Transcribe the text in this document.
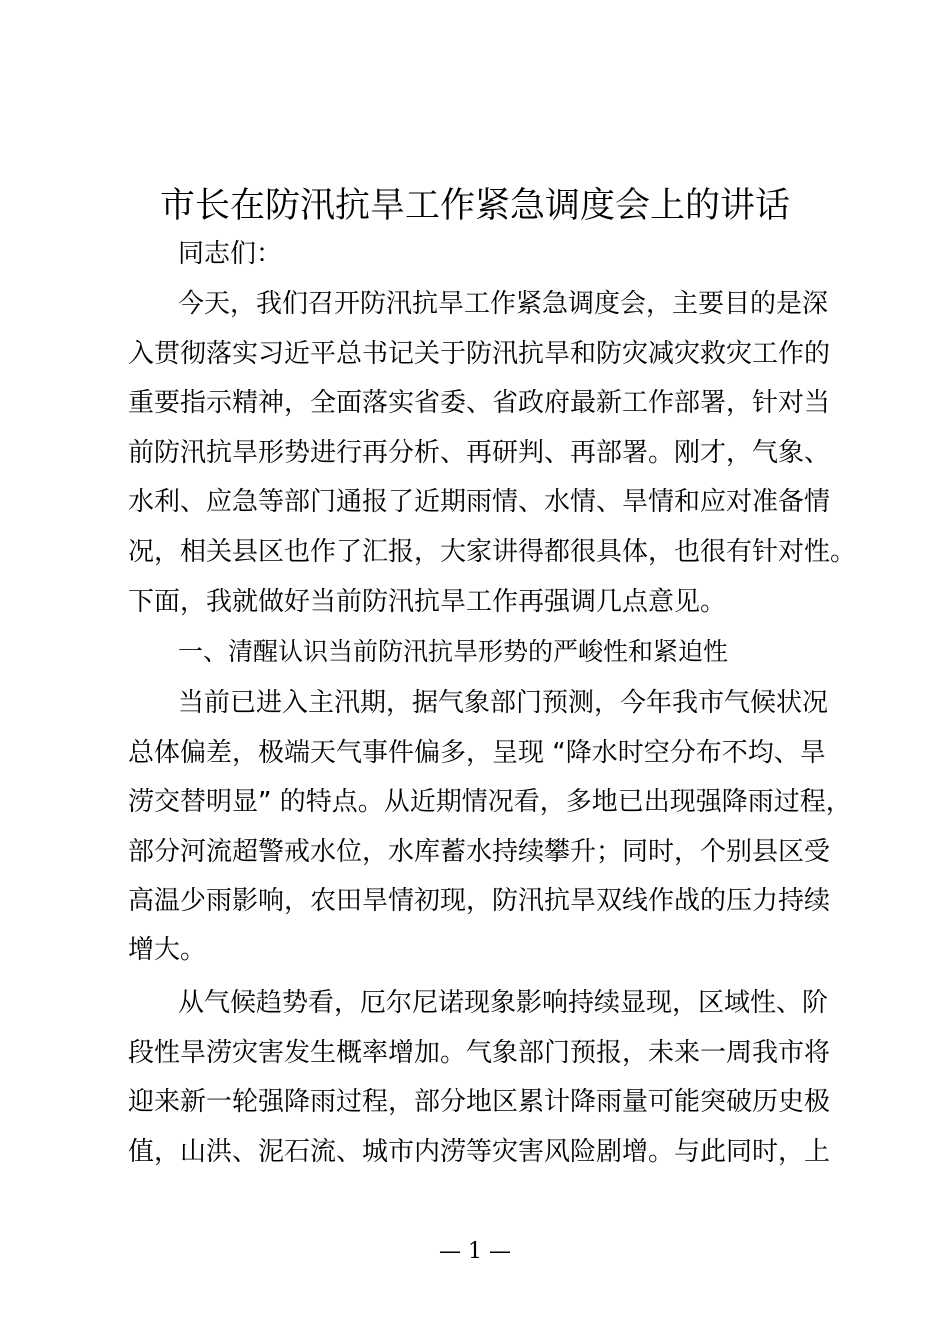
市长在防汛抗旱工作紧急调度会上的讲话
同志们：
今天，我们召开防汛抗旱工作紧急调度会，主要目的是深
入贯彻落实习近平总书记关于防汛抗旱和防灾减灾救灾工作的
重要指示精神，全面落实省委、省政府最新工作部署，针对当
前防汛抗旱形势进行再分析、再研判、再部署。刚才，气象、
水利、应急等部门通报了近期雨情、水情、旱情和应对准备情
况，相关县区也作了汇报，大家讲得都很具体，也很有针对性。
下面，我就做好当前防汛抗旱工作再强调几点意见。
一、清醒认识当前防汛抗旱形势的严峻性和紧迫性
当前已进入主汛期，据气象部门预测，今年我市气候状况
总体偏差，极端天气事件偏多，呈现 “降水时空分布不均、旱
涝交替明显” 的特点。从近期情况看，多地已出现强降雨过程，
部分河流超警戒水位，水库蓄水持续攀升；同时，个别县区受
高温少雨影响，农田旱情初现，防汛抗旱双线作战的压力持续
增大。
从气候趋势看，厄尔尼诺现象影响持续显现，区域性、阶
段性旱涝灾害发生概率增加。气象部门预报，未来一周我市将
迎来新一轮强降雨过程，部分地区累计降雨量可能突破历史极
值，山洪、泥石流、城市内涝等灾害风险剧增。与此同时，上
— 1 —
